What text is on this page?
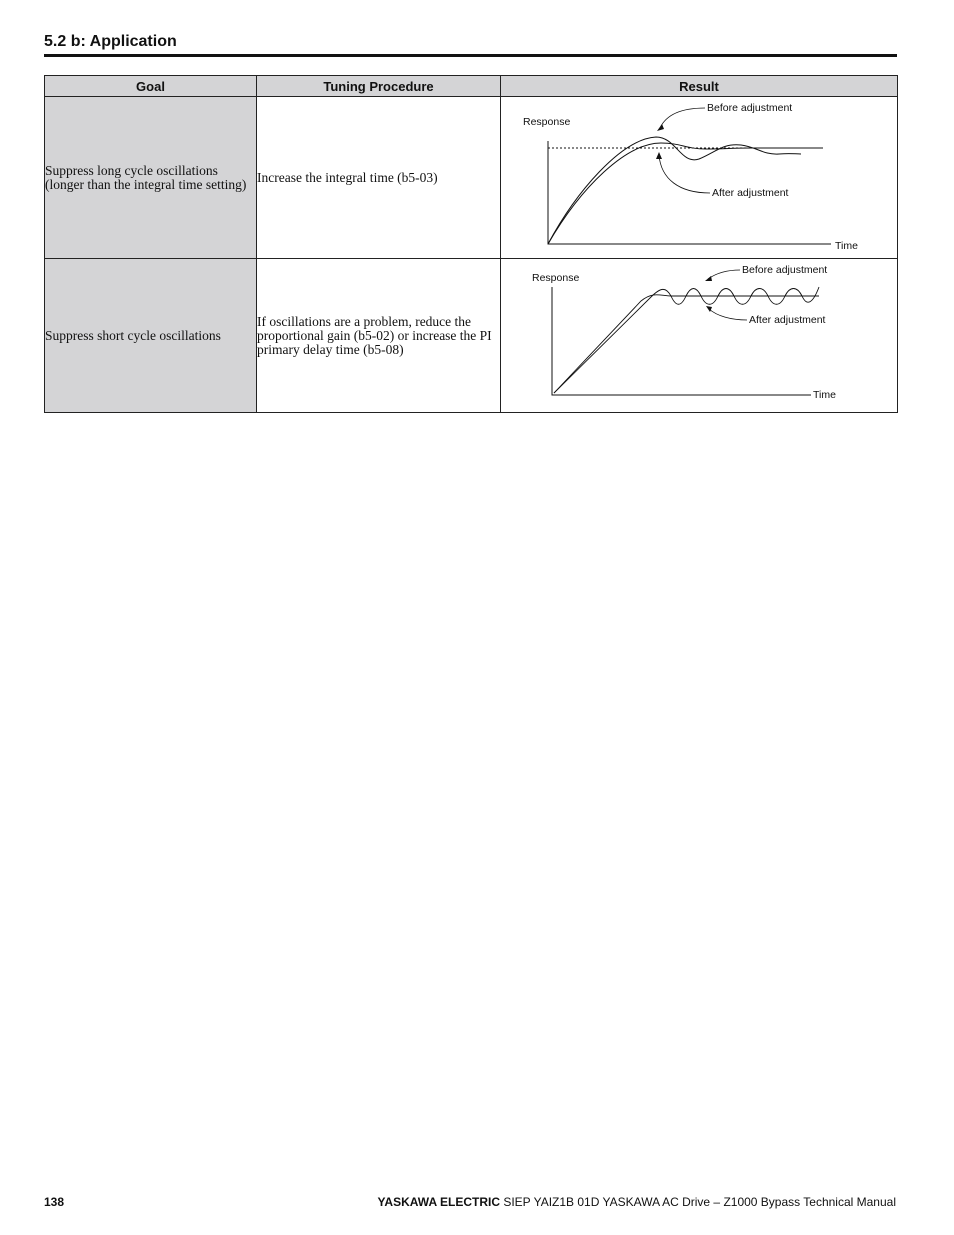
5.2 b: Application
Goal	Tuning Procedure	Result
Suppress long cycle oscillations (longer than the integral time setting)	Increase the integral time (b5-03)	Response
Time
Before adjustment
After adjustment

Suppress short cycle oscillations	If oscillations are a problem, reduce the proportional gain (b5-02) or increase the PI primary delay time (b5-08)	Response
Time
Before adjustment
After adjustment
138	YASKAWA ELECTRIC SIEP YAIZ1B 01D YASKAWA AC Drive – Z1000 Bypass Technical Manual
